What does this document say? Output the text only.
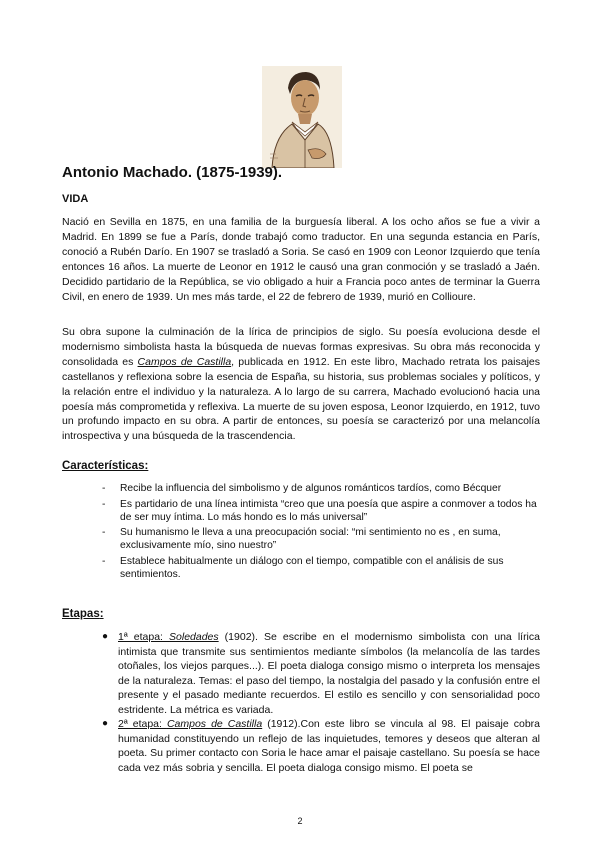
Antonio Machado. (1875-1939).
VIDA

Nació en Sevilla en 1875, en una familia de la burguesía liberal. A los ocho años se fue a vivir a Madrid. En 1899 se fue a París, donde trabajó como traductor. En una segunda estancia en París, conoció a Rubén Darío. En 1907 se trasladó a Soria. Se casó en 1909 con Leonor Izquierdo que tenía entonces 16 años. La muerte de Leonor en 1912 le causó una gran conmoción y se trasladó a Jaén. Decidido partidario de la República, se vio obligado a huir a Francia poco antes de terminar la Guerra Civil, en enero de 1939. Un mes más tarde, el 22 de febrero de 1939, murió en Collioure.

Su obra supone la culminación de la lírica de principios de siglo. Su poesía evoluciona desde el modernismo simbolista hasta la búsqueda de nuevas formas expresivas. Su obra más reconocida y consolidada es Campos de Castilla, publicada en 1912. En este libro, Machado retrata los paisajes castellanos y reflexiona sobre la esencia de España, su historia, sus problemas sociales y políticos, y la relación entre el individuo y la naturaleza. A lo largo de su carrera, Machado evolucionó hacia una poesía más comprometida y reflexiva. La muerte de su joven esposa, Leonor Izquierdo, en 1912, tuvo un profundo impacto en su obra. A partir de entonces, su poesía se caracterizó por una melancolía introspectiva y una búsqueda de la trascendencia.

Características:
- Recibe la influencia del simbolismo y de algunos románticos tardíos, como Bécquer
- Es partidario de una línea intimista “creo que una poesía que aspire a conmover a todos ha de ser muy íntima. Lo más hondo es lo más universal”
- Su humanismo le lleva a una preocupación social: “mi sentimiento no es , en suma, exclusivamente mío, sino nuestro”
- Establece habitualmente un diálogo con el tiempo, compatible con el análisis de sus sentimientos.
Etapas:
● 1ª etapa: Soledades (1902). Se escribe en el modernismo simbolista con una lírica intimista que transmite sus sentimientos mediante símbolos (la melancolía de las tardes otoñales, los viejos parques...). El poeta dialoga consigo mismo o interpreta los mensajes de la naturaleza. Temas: el paso del tiempo, la nostalgia del pasado y la confusión entre el presente y el pasado mediante recuerdos. El estilo es sencillo y con sensorialidad poco estridente. La métrica es variada.
● 2ª etapa: Campos de Castilla (1912).Con este libro se vincula al 98. El paisaje cobra humanidad constituyendo un reflejo de las inquietudes, temores y deseos que alteran al poeta. Su primer contacto con Soria le hace amar el paisaje castellano. Su poesía se hace cada vez más sobria y sencilla. El poeta dialoga consigo mismo. El poeta se
2
